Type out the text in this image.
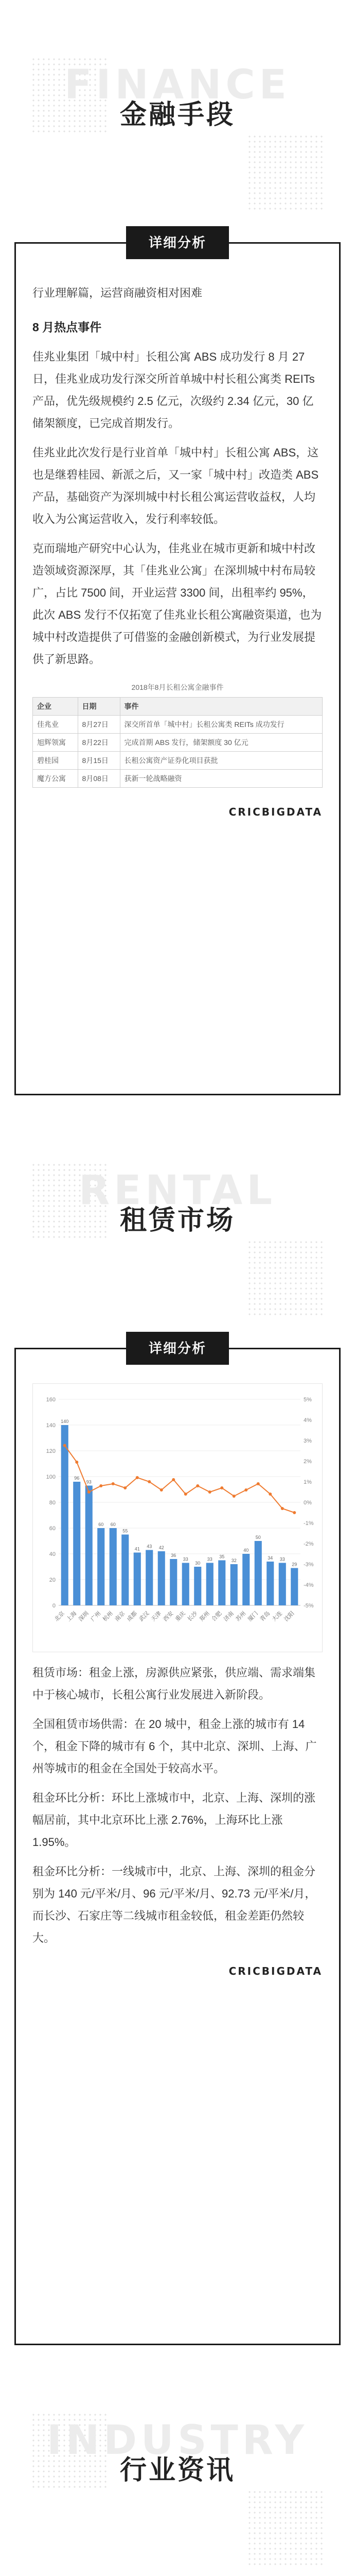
FINANCE
金融手段
详细分析

行业理解篇，运营商融资相对困难

8 月热点事件

佳兆业集团「城中村」长租公寓 ABS 成功发行 8 月 27 日，佳兆业成功发行深交所首单城中村长租公寓类 REITs 产品，优先级规模约 2.5 亿元，次级约 2.34 亿元，30 亿储架额度，已完成首期发行。

佳兆业此次发行是行业首单「城中村」长租公寓 ABS，这也是继碧桂园、新派之后，又一家「城中村」改造类 ABS 产品，基础资产为深圳城中村长租公寓运营收益权，人均收入为公寓运营收入，发行利率较低。

克而瑞地产研究中心认为，佳兆业在城市更新和城中村改造领域资源深厚，其「佳兆业公寓」在深圳城中村布局较广，占比 7500 间，开业运营 3300 间，出租率约 95%，此次 ABS 发行不仅拓宽了佳兆业长租公寓融资渠道，也为城中村改造提供了可借鉴的金融创新模式，为行业发展提供了新思路。

2018年8月长租公寓金融事件
企业	日期	事件
佳兆业	8月27日	深交所首单「城中村」长租公寓类 REITs 成功发行
旭辉领寓	8月22日	完成首期 ABS 发行，储架额度 30 亿元
碧桂园	8月15日	长租公寓资产证券化项目获批
魔方公寓	8月08日	获新一轮战略融资
CRICBIGDATA
RENTAL
租赁市场
详细分析
0
20
40
60
80
100
120
140
160
-5%
-4%
-3%
-2%
-1%
0%
1%
2%
3%
4%
5%
140
北京
96
上海
93
深圳
60
广州
60
杭州
55
南京
41
成都
43
武汉
42
天津
36
西安
33
重庆
30
长沙
33
郑州
35
合肥
32
济南
40
苏州
50
厦门
34
青岛
33
大连
29
沈阳

租赁市场：租金上涨，房源供应紧张，供应端、需求端集中于核心城市，长租公寓行业发展进入新阶段。

全国租赁市场供需：在 20 城中，租金上涨的城市有 14 个，租金下降的城市有 6 个，其中北京、深圳、上海、广州等城市的租金在全国处于较高水平。

租金环比分析：环比上涨城市中，北京、上海、深圳的涨幅居前，其中北京环比上涨 2.76%，上海环比上涨 1.95%。

租金环比分析：一线城市中，北京、上海、深圳的租金分别为 140 元/平米/月、96 元/平米/月、92.73 元/平米/月，而长沙、石家庄等二线城市租金较低，租金差距仍然较大。

CRICBIGDATA
INDUSTRY
行业资讯
